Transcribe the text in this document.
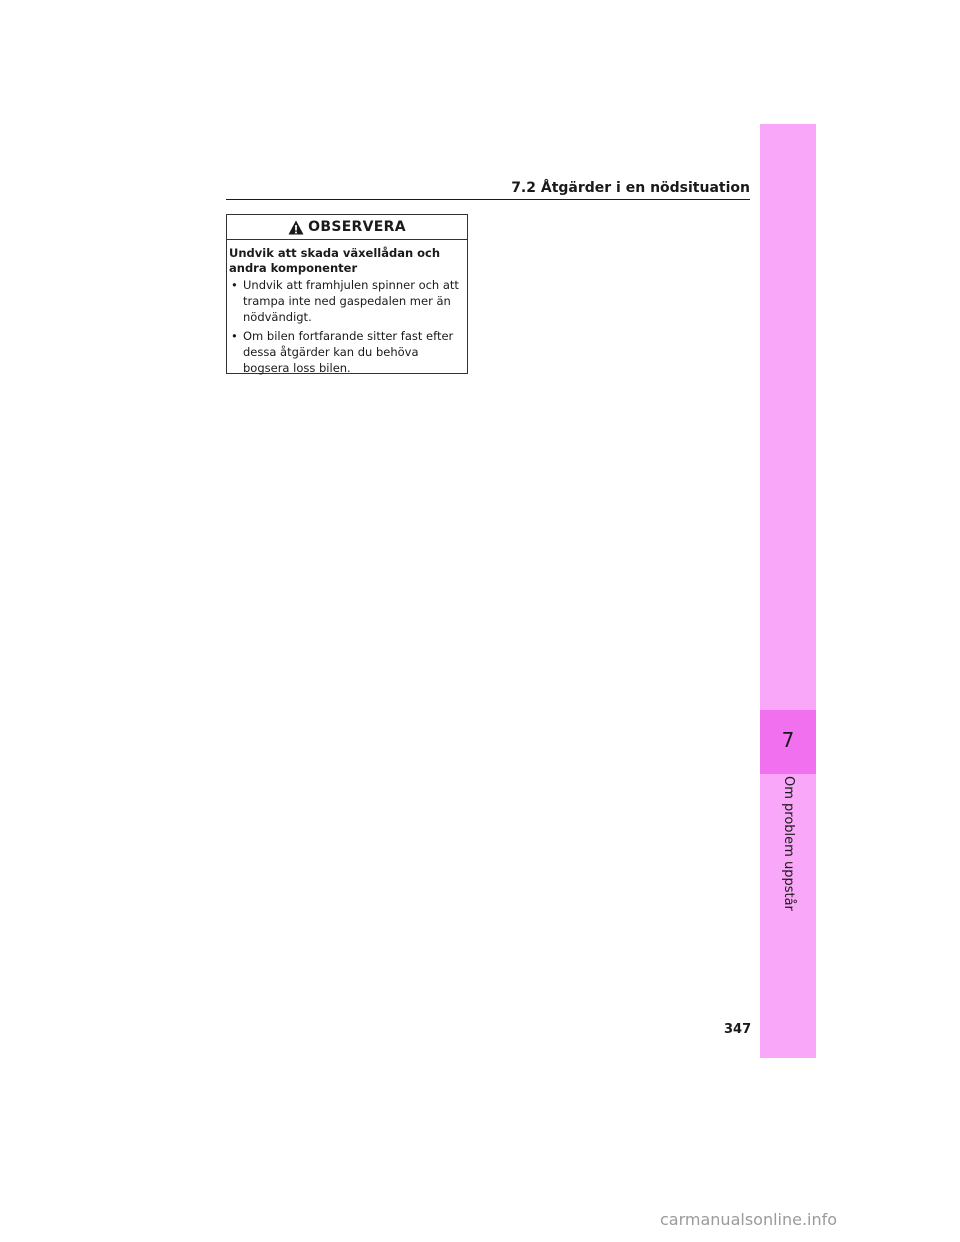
7.2 Åtgärder i en nödsituation
OBSERVERA
Undvik att skada växellådan och andra komponenter
• Undvik att framhjulen spinner och att trampa inte ned gaspedalen mer än nödvändigt.
• Om bilen fortfarande sitter fast efter dessa åtgärder kan du behöva bogsera loss bilen.
7
Om problem uppstår
347
carmanualsonline.info
